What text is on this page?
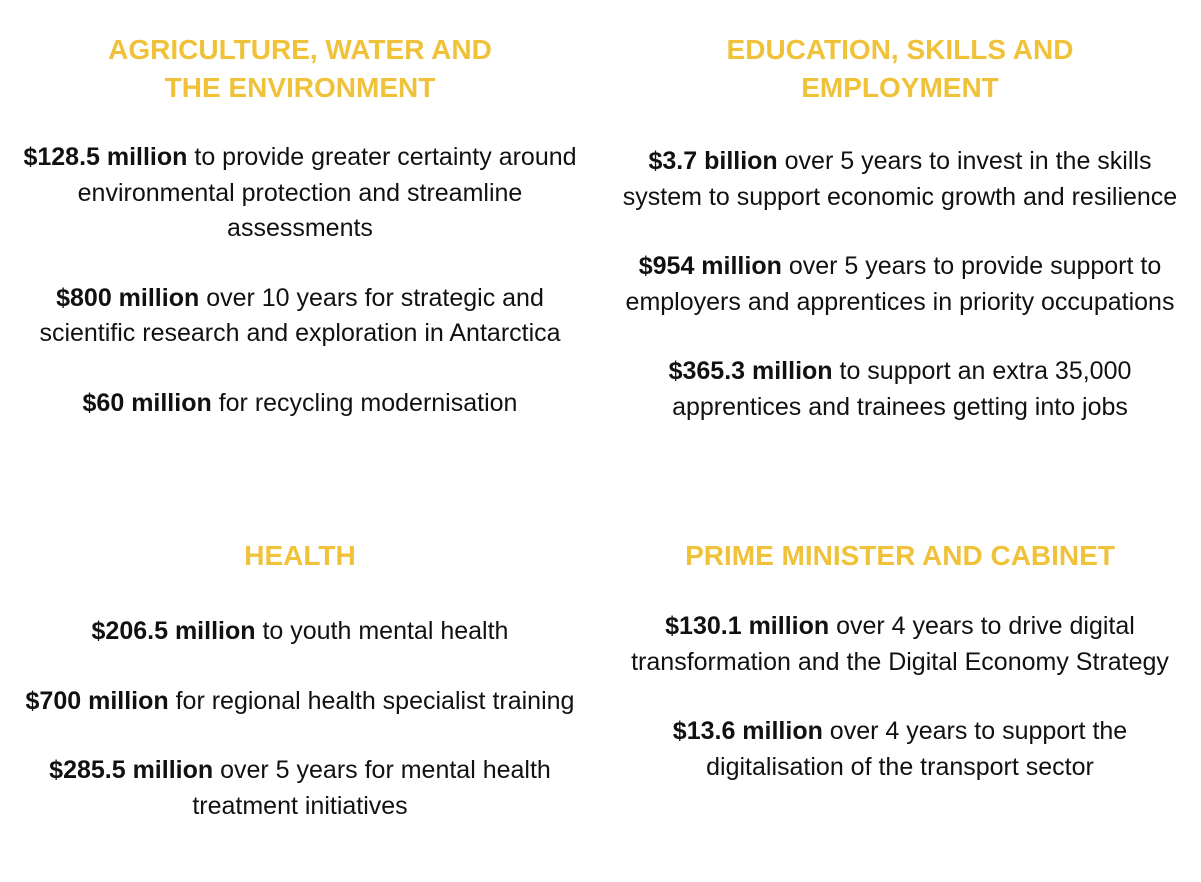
AGRICULTURE, WATER AND
THE ENVIRONMENT

$128.5 million to provide greater certainty around environmental protection and streamline assessments

$800 million over 10 years for strategic and scientific research and exploration in Antarctica

$60 million for recycling modernisation

EDUCATION, SKILLS AND
EMPLOYMENT

$3.7 billion over 5 years to invest in the skills system to support economic growth and resilience

$954 million over 5 years to provide support to employers and apprentices in priority occupations

$365.3 million to support an extra 35,000 apprentices and trainees getting into jobs

HEALTH

$206.5 million to youth mental health

$700 million for regional health specialist training

$285.5 million over 5 years for mental health treatment initiatives

PRIME MINISTER AND CABINET

$130.1 million over 4 years to drive digital transformation and the Digital Economy Strategy

$13.6 million over 4 years to support the digitalisation of the transport sector
